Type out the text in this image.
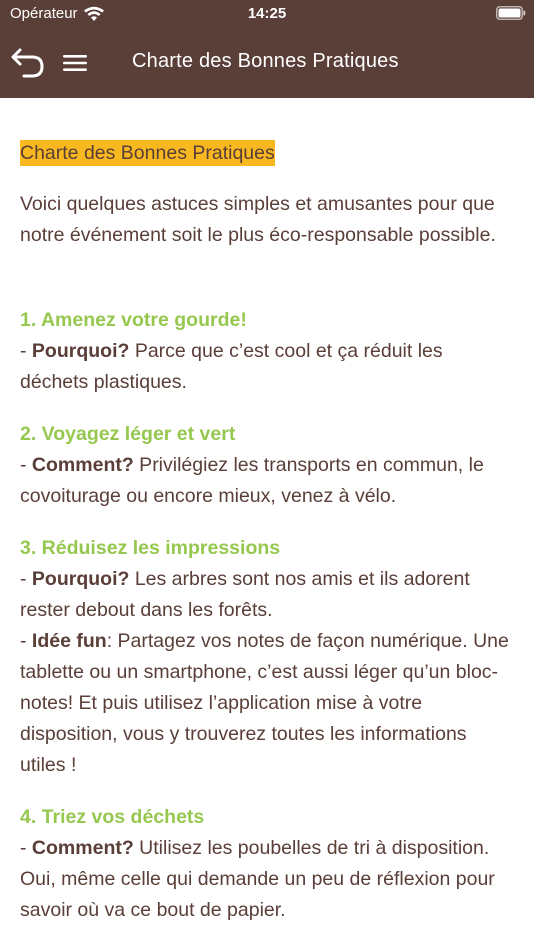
Opérateur	14:25
Charte des Bonnes Pratiques
Charte des Bonnes Pratiques

Voici quelques astuces simples et amusantes pour que notre événement soit le plus éco-responsable possible.

1. Amenez votre gourde!

- Pourquoi? Parce que c’est cool et ça réduit les déchets plastiques.

2. Voyagez léger et vert

- Comment? Privilégiez les transports en commun, le covoiturage ou encore mieux, venez à vélo.

3. Réduisez les impressions

- Pourquoi? Les arbres sont nos amis et ils adorent rester debout dans les forêts.

- Idée fun: Partagez vos notes de façon numérique. Une tablette ou un smartphone, c’est aussi léger qu’un bloc-notes! Et puis utilisez l’application mise à votre disposition, vous y trouverez toutes les informations utiles !

4. Triez vos déchets

- Comment? Utilisez les poubelles de tri à disposition. Oui, même celle qui demande un peu de réflexion pour savoir où va ce bout de papier.
